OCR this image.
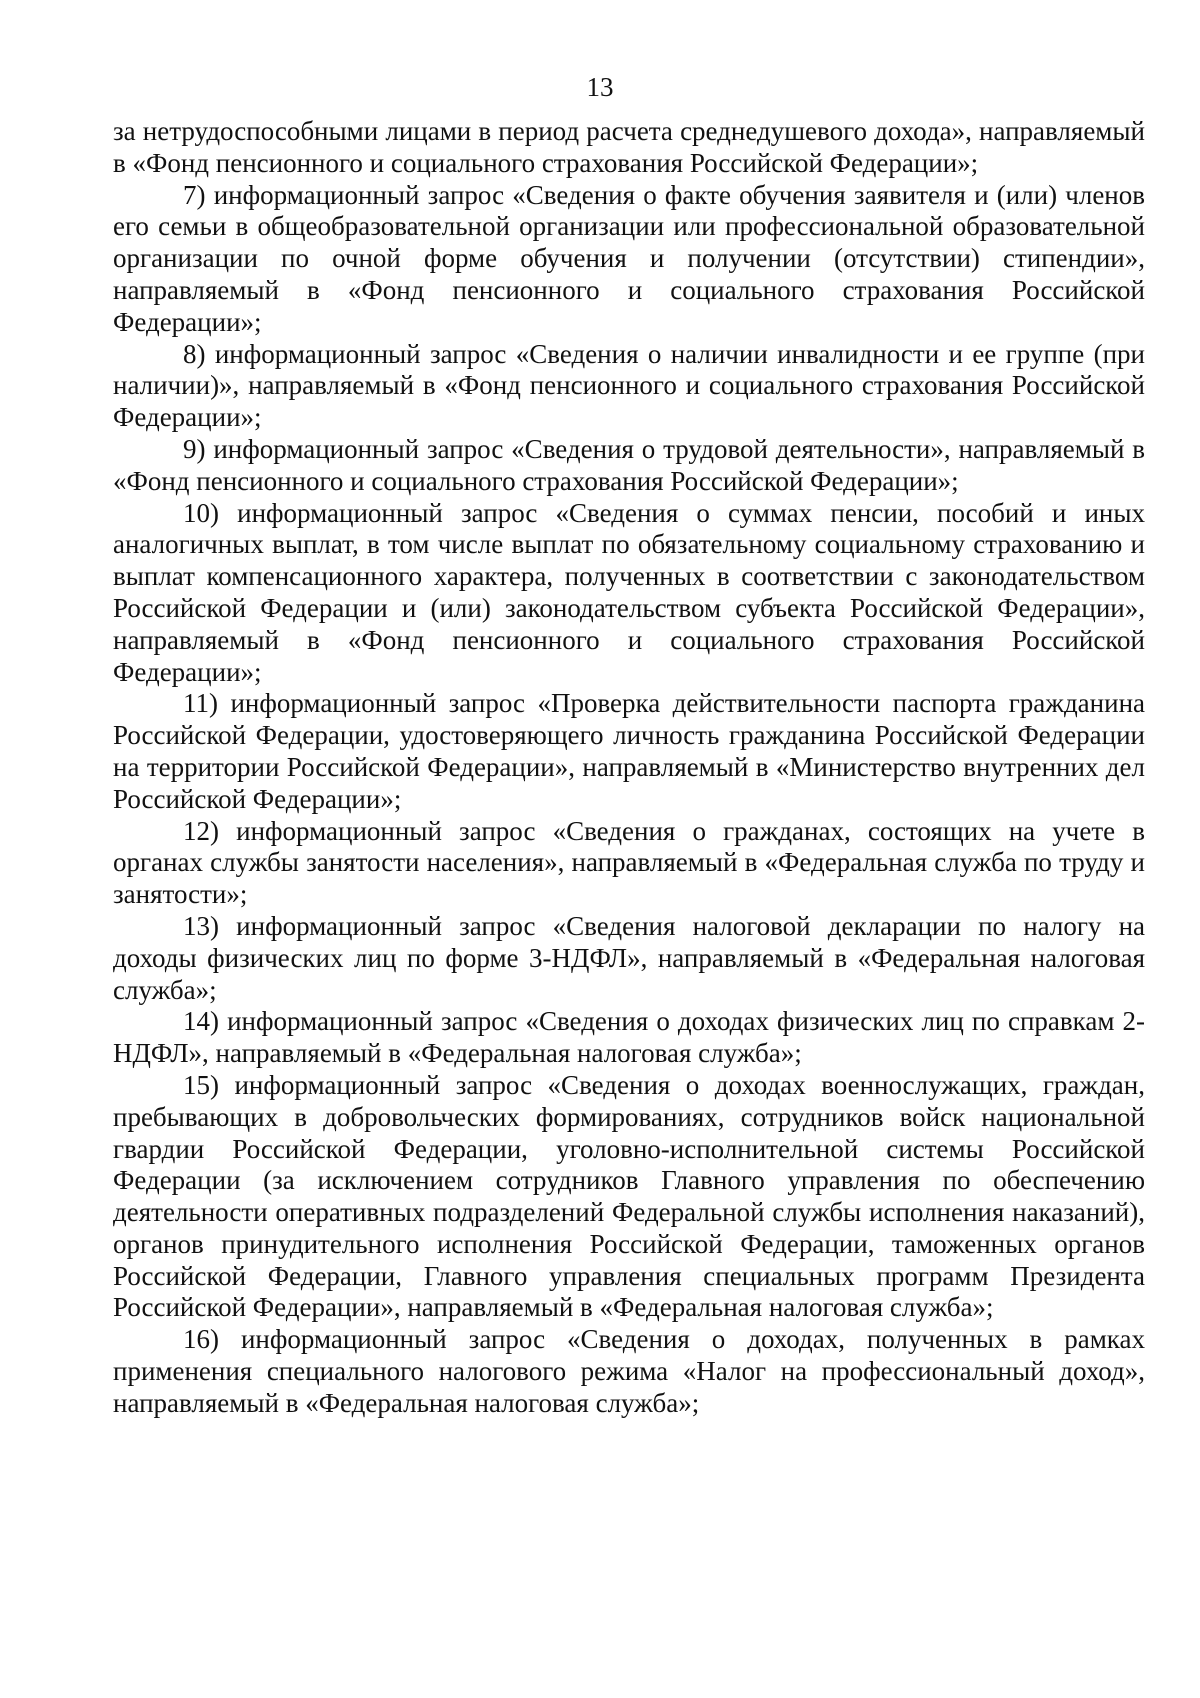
13

за нетрудоспособными лицами в период расчета среднедушевого дохода», направляемый в «Фонд пенсионного и социального страхования Российской Федерации»;

7) информационный запрос «Сведения о факте обучения заявителя и (или) членов его семьи в общеобразовательной организации или профессиональной образовательной организации по очной форме обучения и получении (отсутствии) стипендии», направляемый в «Фонд пенсионного и социального страхования Российской Федерации»;

8) информационный запрос «Сведения о наличии инвалидности и ее группе (при наличии)», направляемый в «Фонд пенсионного и социального страхования Российской Федерации»;

9) информационный запрос «Сведения о трудовой деятельности», направляемый в «Фонд пенсионного и социального страхования Российской Федерации»;

10) информационный запрос «Сведения о суммах пенсии, пособий и иных аналогичных выплат, в том числе выплат по обязательному социальному страхованию и выплат компенсационного характера, полученных в соответствии с законодательством Российской Федерации и (или) законодательством субъекта Российской Федерации», направляемый в «Фонд пенсионного и социального страхования Российской Федерации»;

11) информационный запрос «Проверка действительности паспорта гражданина Российской Федерации, удостоверяющего личность гражданина Российской Федерации на территории Российской Федерации», направляемый в «Министерство внутренних дел Российской Федерации»;

12) информационный запрос «Сведения о гражданах, состоящих на учете в органах службы занятости населения», направляемый в «Федеральная служба по труду и занятости»;

13) информационный запрос «Сведения налоговой декларации по налогу на доходы физических лиц по форме 3-НДФЛ», направляемый в «Федеральная налоговая служба»;

14) информационный запрос «Сведения о доходах физических лиц по справкам 2-НДФЛ», направляемый в «Федеральная налоговая служба»;

15) информационный запрос «Сведения о доходах военнослужащих, граждан, пребывающих в добровольческих формированиях, сотрудников войск национальной гвардии Российской Федерации, уголовно-исполнительной системы Российской Федерации (за исключением сотрудников Главного управления по обеспечению деятельности оперативных подразделений Федеральной службы исполнения наказаний), органов принудительного исполнения Российской Федерации, таможенных органов Российской Федерации, Главного управления специальных программ Президента Российской Федерации», направляемый в «Федеральная налоговая служба»;

16) информационный запрос «Сведения о доходах, полученных в рамках применения специального налогового режима «Налог на профессиональный доход», направляемый в «Федеральная налоговая служба»;
